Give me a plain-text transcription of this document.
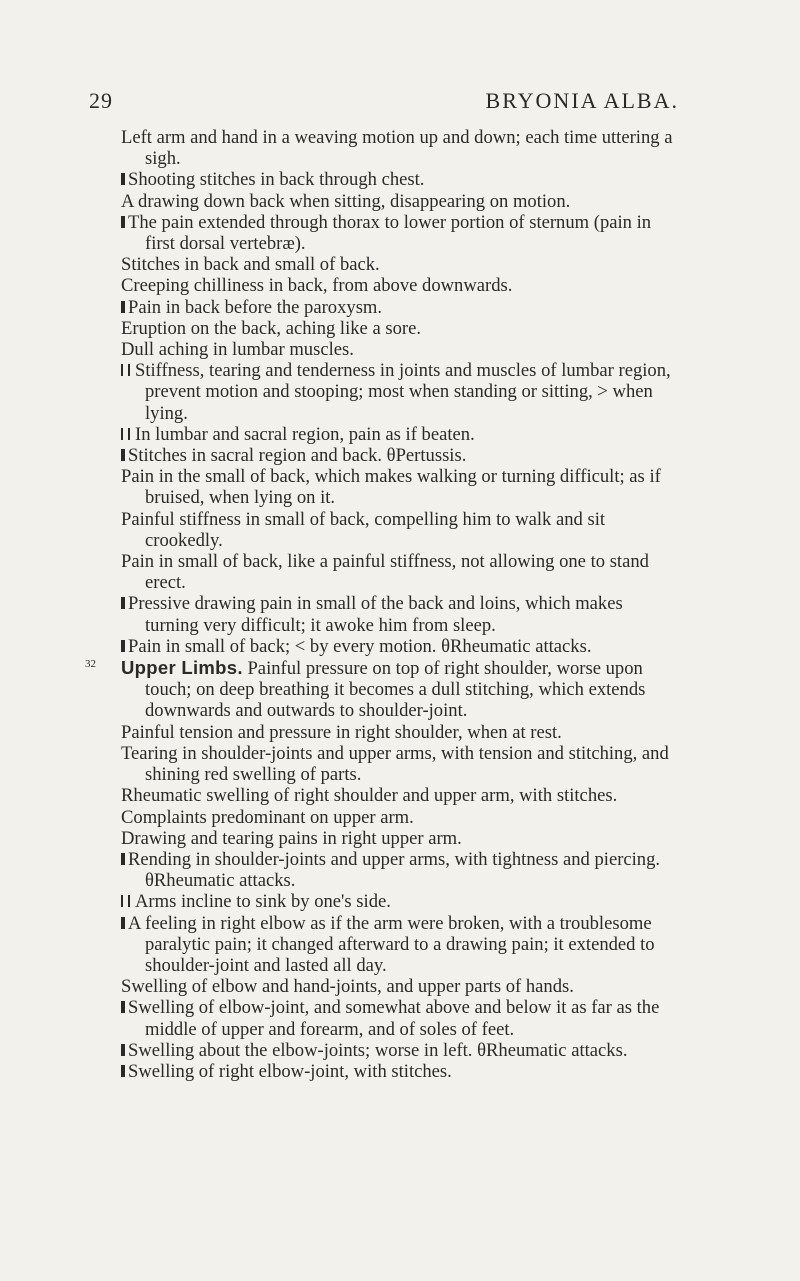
29	BRYONIA ALBA.
Left arm and hand in a weaving motion up and down; each time uttering a sigh.
Shooting stitches in back through chest.
A drawing down back when sitting, disappearing on motion.
The pain extended through thorax to lower portion of sternum (pain in first dorsal vertebræ).
Stitches in back and small of back.
Creeping chilliness in back, from above downwards.
Pain in back before the paroxysm.
Eruption on the back, aching like a sore.
Dull aching in lumbar muscles.
Stiffness, tearing and tenderness in joints and muscles of lumbar region, prevent motion and stooping; most when standing or sitting, > when lying.
In lumbar and sacral region, pain as if beaten.
Stitches in sacral region and back. θPertussis.
Pain in the small of back, which makes walking or turning difficult; as if bruised, when lying on it.
Painful stiffness in small of back, compelling him to walk and sit crookedly.
Pain in small of back, like a painful stiffness, not allowing one to stand erect.
Pressive drawing pain in small of the back and loins, which makes turning very difficult; it awoke him from sleep.
Pain in small of back; < by every motion. θRheumatic attacks.
32 Upper Limbs. Painful pressure on top of right shoulder, worse upon touch; on deep breathing it becomes a dull stitching, which extends downwards and outwards to shoulder-joint.
Painful tension and pressure in right shoulder, when at rest.
Tearing in shoulder-joints and upper arms, with tension and stitching, and shining red swelling of parts.
Rheumatic swelling of right shoulder and upper arm, with stitches.
Complaints predominant on upper arm.
Drawing and tearing pains in right upper arm.
Rending in shoulder-joints and upper arms, with tightness and piercing. θRheumatic attacks.
Arms incline to sink by one's side.
A feeling in right elbow as if the arm were broken, with a troublesome paralytic pain; it changed afterward to a drawing pain; it extended to shoulder-joint and lasted all day.
Swelling of elbow and hand-joints, and upper parts of hands.
Swelling of elbow-joint, and somewhat above and below it as far as the middle of upper and forearm, and of soles of feet.
Swelling about the elbow-joints; worse in left. θRheumatic attacks.
Swelling of right elbow-joint, with stitches.
